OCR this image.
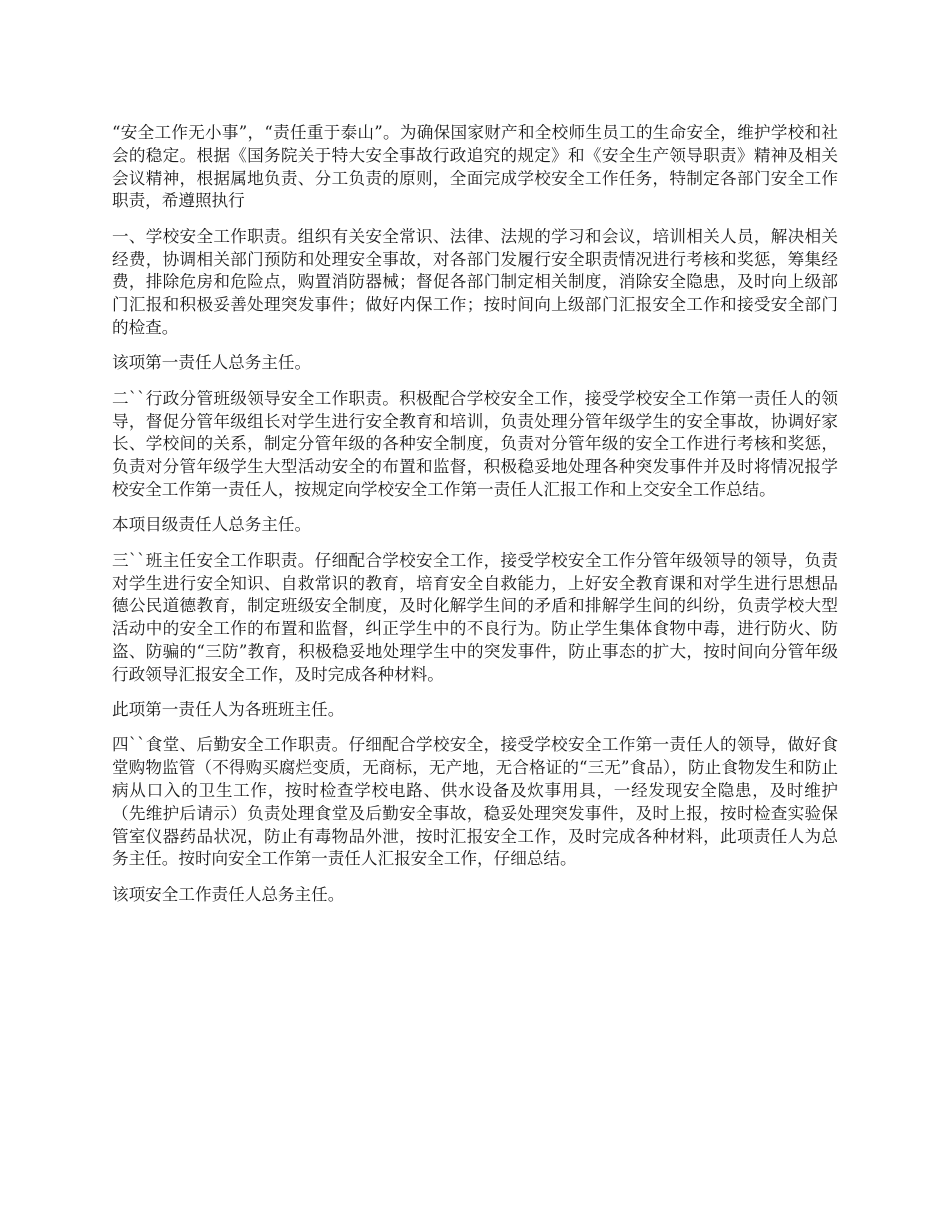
“安全工作无小事”，“责任重于泰山”。为确保国家财产和全校师生员工的生命安全，维护学校和社会的稳定。根据《国务院关于特大安全事故行政追究的规定》和《安全生产领导职责》精神及相关会议精神，根据属地负责、分工负责的原则，全面完成学校安全工作任务，特制定各部门安全工作职责，希遵照执行

一、学校安全工作职责。组织有关安全常识、法律、法规的学习和会议，培训相关人员，解决相关经费，协调相关部门预防和处理安全事故，对各部门发履行安全职责情况进行考核和奖惩，筹集经费，排除危房和危险点，购置消防器械；督促各部门制定相关制度，消除安全隐患，及时向上级部门汇报和积极妥善处理突发事件；做好内保工作；按时间向上级部门汇报安全工作和接受安全部门的检查。

该项第一责任人总务主任。

二``行政分管班级领导安全工作职责。积极配合学校安全工作，接受学校安全工作第一责任人的领导，督促分管年级组长对学生进行安全教育和培训，负责处理分管年级学生的安全事故，协调好家长、学校间的关系，制定分管年级的各种安全制度，负责对分管年级的安全工作进行考核和奖惩，负责对分管年级学生大型活动安全的布置和监督，积极稳妥地处理各种突发事件并及时将情况报学校安全工作第一责任人，按规定向学校安全工作第一责任人汇报工作和上交安全工作总结。

本项目级责任人总务主任。

三``班主任安全工作职责。仔细配合学校安全工作，接受学校安全工作分管年级领导的领导，负责对学生进行安全知识、自救常识的教育，培育安全自救能力，上好安全教育课和对学生进行思想品德公民道德教育，制定班级安全制度，及时化解学生间的矛盾和排解学生间的纠纷，负责学校大型活动中的安全工作的布置和监督，纠正学生中的不良行为。防止学生集体食物中毒，进行防火、防盗、防骗的“三防”教育，积极稳妥地处理学生中的突发事件，防止事态的扩大，按时间向分管年级行政领导汇报安全工作，及时完成各种材料。

此项第一责任人为各班班主任。

四``食堂、后勤安全工作职责。仔细配合学校安全，接受学校安全工作第一责任人的领导，做好食堂购物监管（不得购买腐烂变质，无商标，无产地，无合格证的“三无”食品），防止食物发生和防止病从口入的卫生工作，按时检查学校电路、供水设备及炊事用具，一经发现安全隐患，及时维护（先维护后请示）负责处理食堂及后勤安全事故，稳妥处理突发事件，及时上报，按时检查实验保管室仪器药品状况，防止有毒物品外泄，按时汇报安全工作，及时完成各种材料，此项责任人为总务主任。按时向安全工作第一责任人汇报安全工作，仔细总结。

该项安全工作责任人总务主任。
